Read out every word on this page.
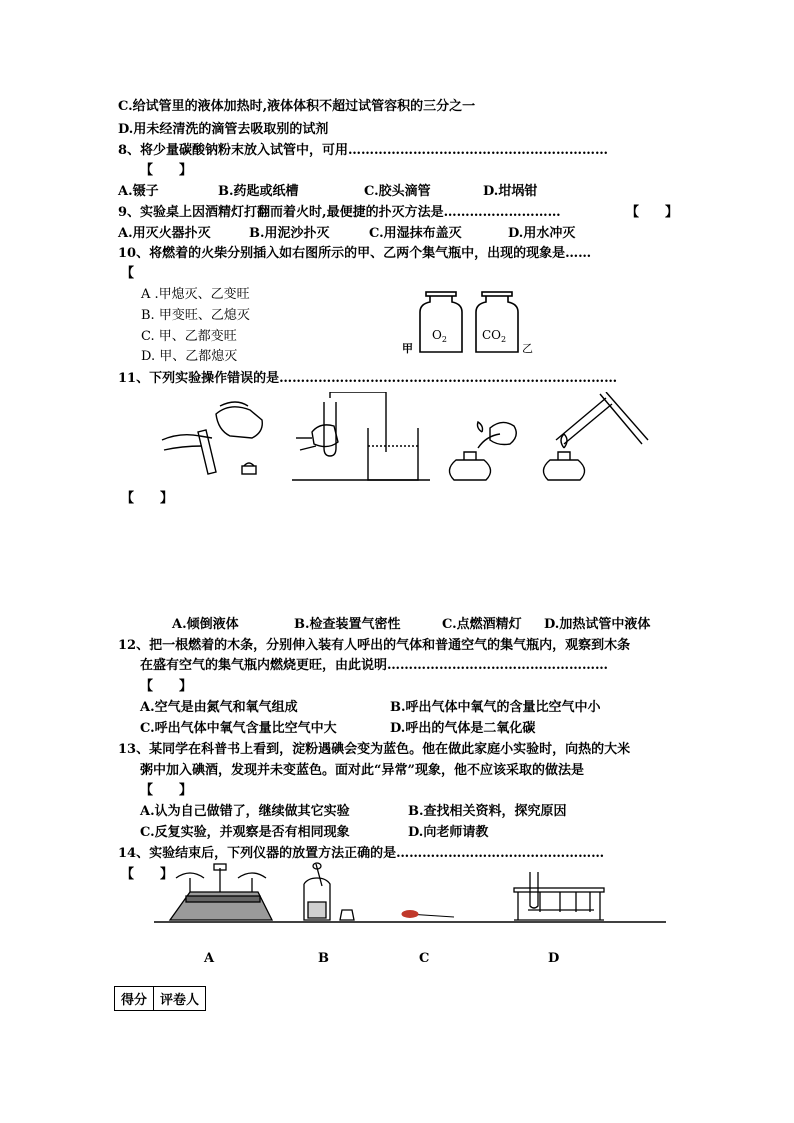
C.给试管里的液体加热时,液体体积不超过试管容积的三分之一
D.用未经清洗的滴管去吸取别的试剂
8、将少量碳酸钠粉末放入试管中，可用……………………………………………………
【　　】
A.镊子	B.药匙或纸槽	C.胶头滴管	D.坩埚钳
9、实验桌上因酒精灯打翻而着火时,最便捷的扑灭方法是………………………	【　　】
A.用灭火器扑灭	B.用泥沙扑灭	C.用湿抹布盖灭	D.用水冲灭
10、将燃着的火柴分别插入如右图所示的甲、乙两个集气瓶中，出现的现象是……
【
A .甲熄灭、乙变旺
B. 甲变旺、乙熄灭
C. 甲、乙都变旺
D. 甲、乙都熄灭
$O_2$	$CO_2$
甲	乙
11、下列实验操作错误的是……………………………………………………………………
【　　】
A.倾倒液体	B.检查装置气密性	C.点燃酒精灯 D.加热试管中液体
12、把一根燃着的木条，分别伸入装有人呼出的气体和普通空气的集气瓶内，观察到木条
在盛有空气的集气瓶内燃烧更旺，由此说明……………………………………………
【　　】
A.空气是由氮气和氧气组成	B.呼出气体中氧气的含量比空气中小
C.呼出气体中氧气含量比空气中大	D.呼出的气体是二氧化碳
13、某同学在科普书上看到，淀粉遇碘会变为蓝色。他在做此家庭小实验时，向热的大米
粥中加入碘酒，发现并未变蓝色。面对此“异常”现象，他不应该采取的做法是
【　　】
A.认为自己做错了，继续做其它实验	B.查找相关资料，探究原因
C.反复实验，并观察是否有相同现象	D.向老师请教
14、实验结束后，下列仪器的放置方法正确的是…………………………………………
【　　】
A	B	C	D
得分	评卷人
